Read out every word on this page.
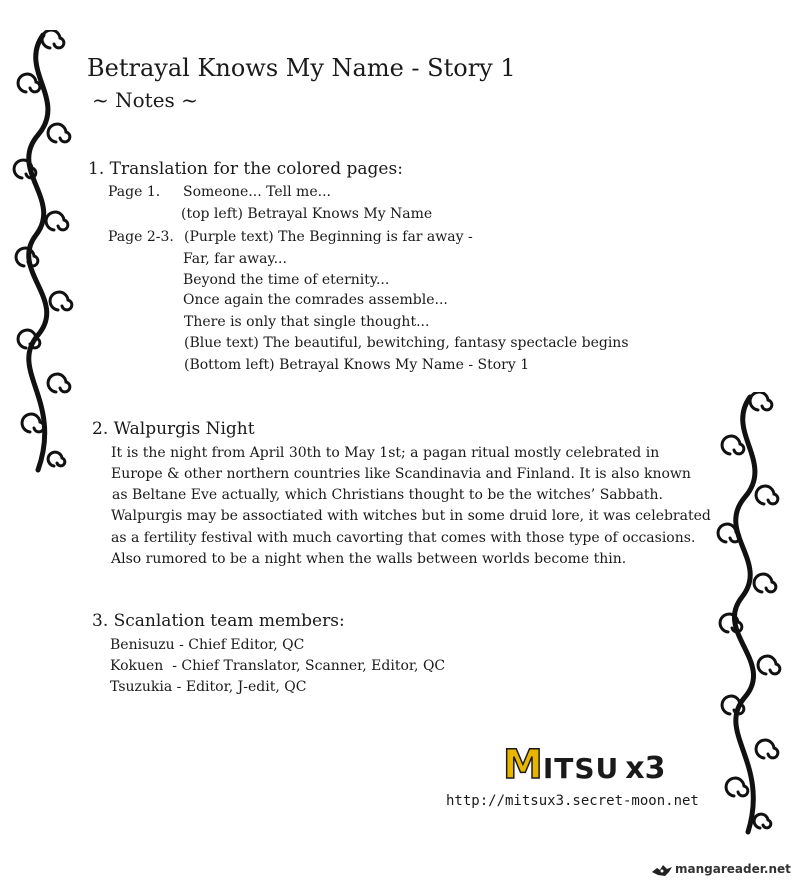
Betrayal Knows My Name - Story 1
~ Notes ~
1. Translation for the colored pages:
Page 1. Someone... Tell me...
(top left) Betrayal Knows My Name
Page 2-3. (Purple text) The Beginning is far away -
Far, far away...
Beyond the time of eternity...
Once again the comrades assemble...
There is only that single thought...
(Blue text) The beautiful, bewitching, fantasy spectacle begins
(Bottom left) Betrayal Knows My Name - Story 1
2. Walpurgis Night
It is the night from April 30th to May 1st; a pagan ritual mostly celebrated in
Europe & other northern countries like Scandinavia and Finland. It is also known
as Beltane Eve actually, which Christians thought to be the witches’ Sabbath.
Walpurgis may be assoctiated with witches but in some druid lore, it was celebrated
as a fertility festival with much cavorting that comes with those type of occasions.
Also rumored to be a night when the walls between worlds become thin.
3. Scanlation team members:
Benisuzu - Chief Editor, QC
Kokuen  - Chief Translator, Scanner, Editor, QC
Tsuzukia - Editor, J-edit, QC
MITSU x3
http://mitsux3.secret-moon.net
mangareader.net
